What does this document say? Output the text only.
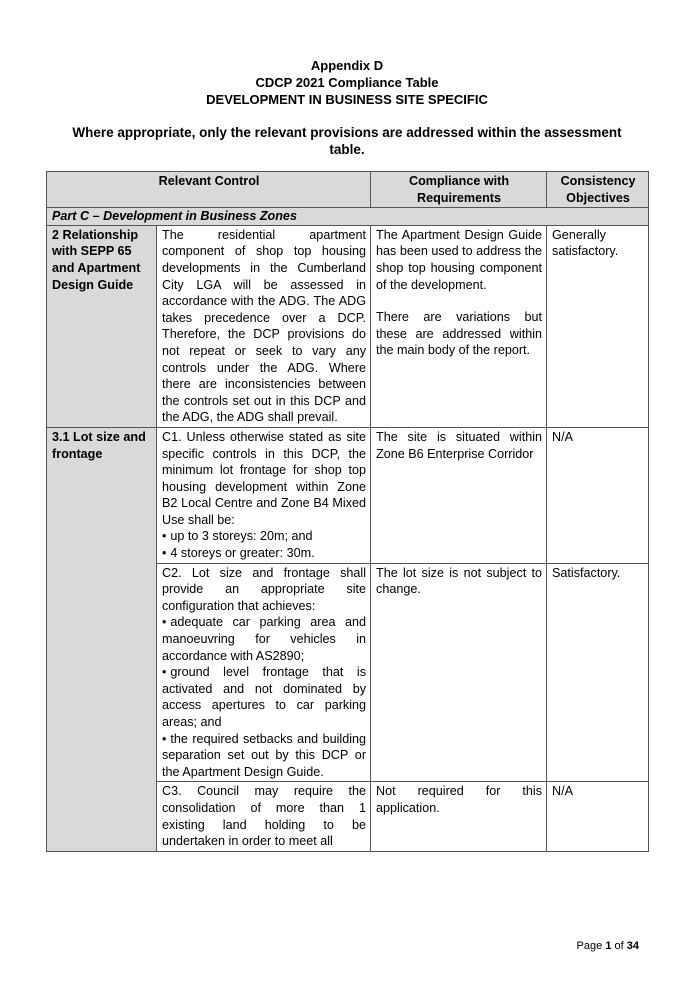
Appendix D
CDCP 2021 Compliance Table
DEVELOPMENT IN BUSINESS SITE SPECIFIC
Where appropriate, only the relevant provisions are addressed within the assessment table.
Relevant Control		Compliance with Requirements	Consistency Objectives
Part C – Development in Business Zones			
2 Relationship with SEPP 65 and Apartment Design Guide	The residential apartment component of shop top housing developments in the Cumberland City LGA will be assessed in accordance with the ADG. The ADG takes precedence over a DCP. Therefore, the DCP provisions do not repeat or seek to vary any controls under the ADG. Where there are inconsistencies between the controls set out in this DCP and the ADG, the ADG shall prevail.	The Apartment Design Guide has been used to address the shop top housing component of the development.

There are variations but these are addressed within the main body of the report.	Generally satisfactory.
3.1 Lot size and frontage	C1. Unless otherwise stated as site specific controls in this DCP, the minimum lot frontage for shop top housing development within Zone B2 Local Centre and Zone B4 Mixed Use shall be:

• up to 3 storeys: 20m; and

• 4 storeys or greater: 30m.	The site is situated within Zone B6 Enterprise Corridor	N/A

	C2. Lot size and frontage shall provide an appropriate site configuration that achieves:

• adequate car parking area and manoeuvring for vehicles in accordance with AS2890;

• ground level frontage that is activated and not dominated by access apertures to car parking areas; and

• the required setbacks and building separation set out by this DCP or the Apartment Design Guide.	The lot size is not subject to change.	Satisfactory.
	C3. Council may require the consolidation of more than 1 existing land holding to be undertaken in order to meet all	Not required for this application.	N/A
Page 1 of 34
